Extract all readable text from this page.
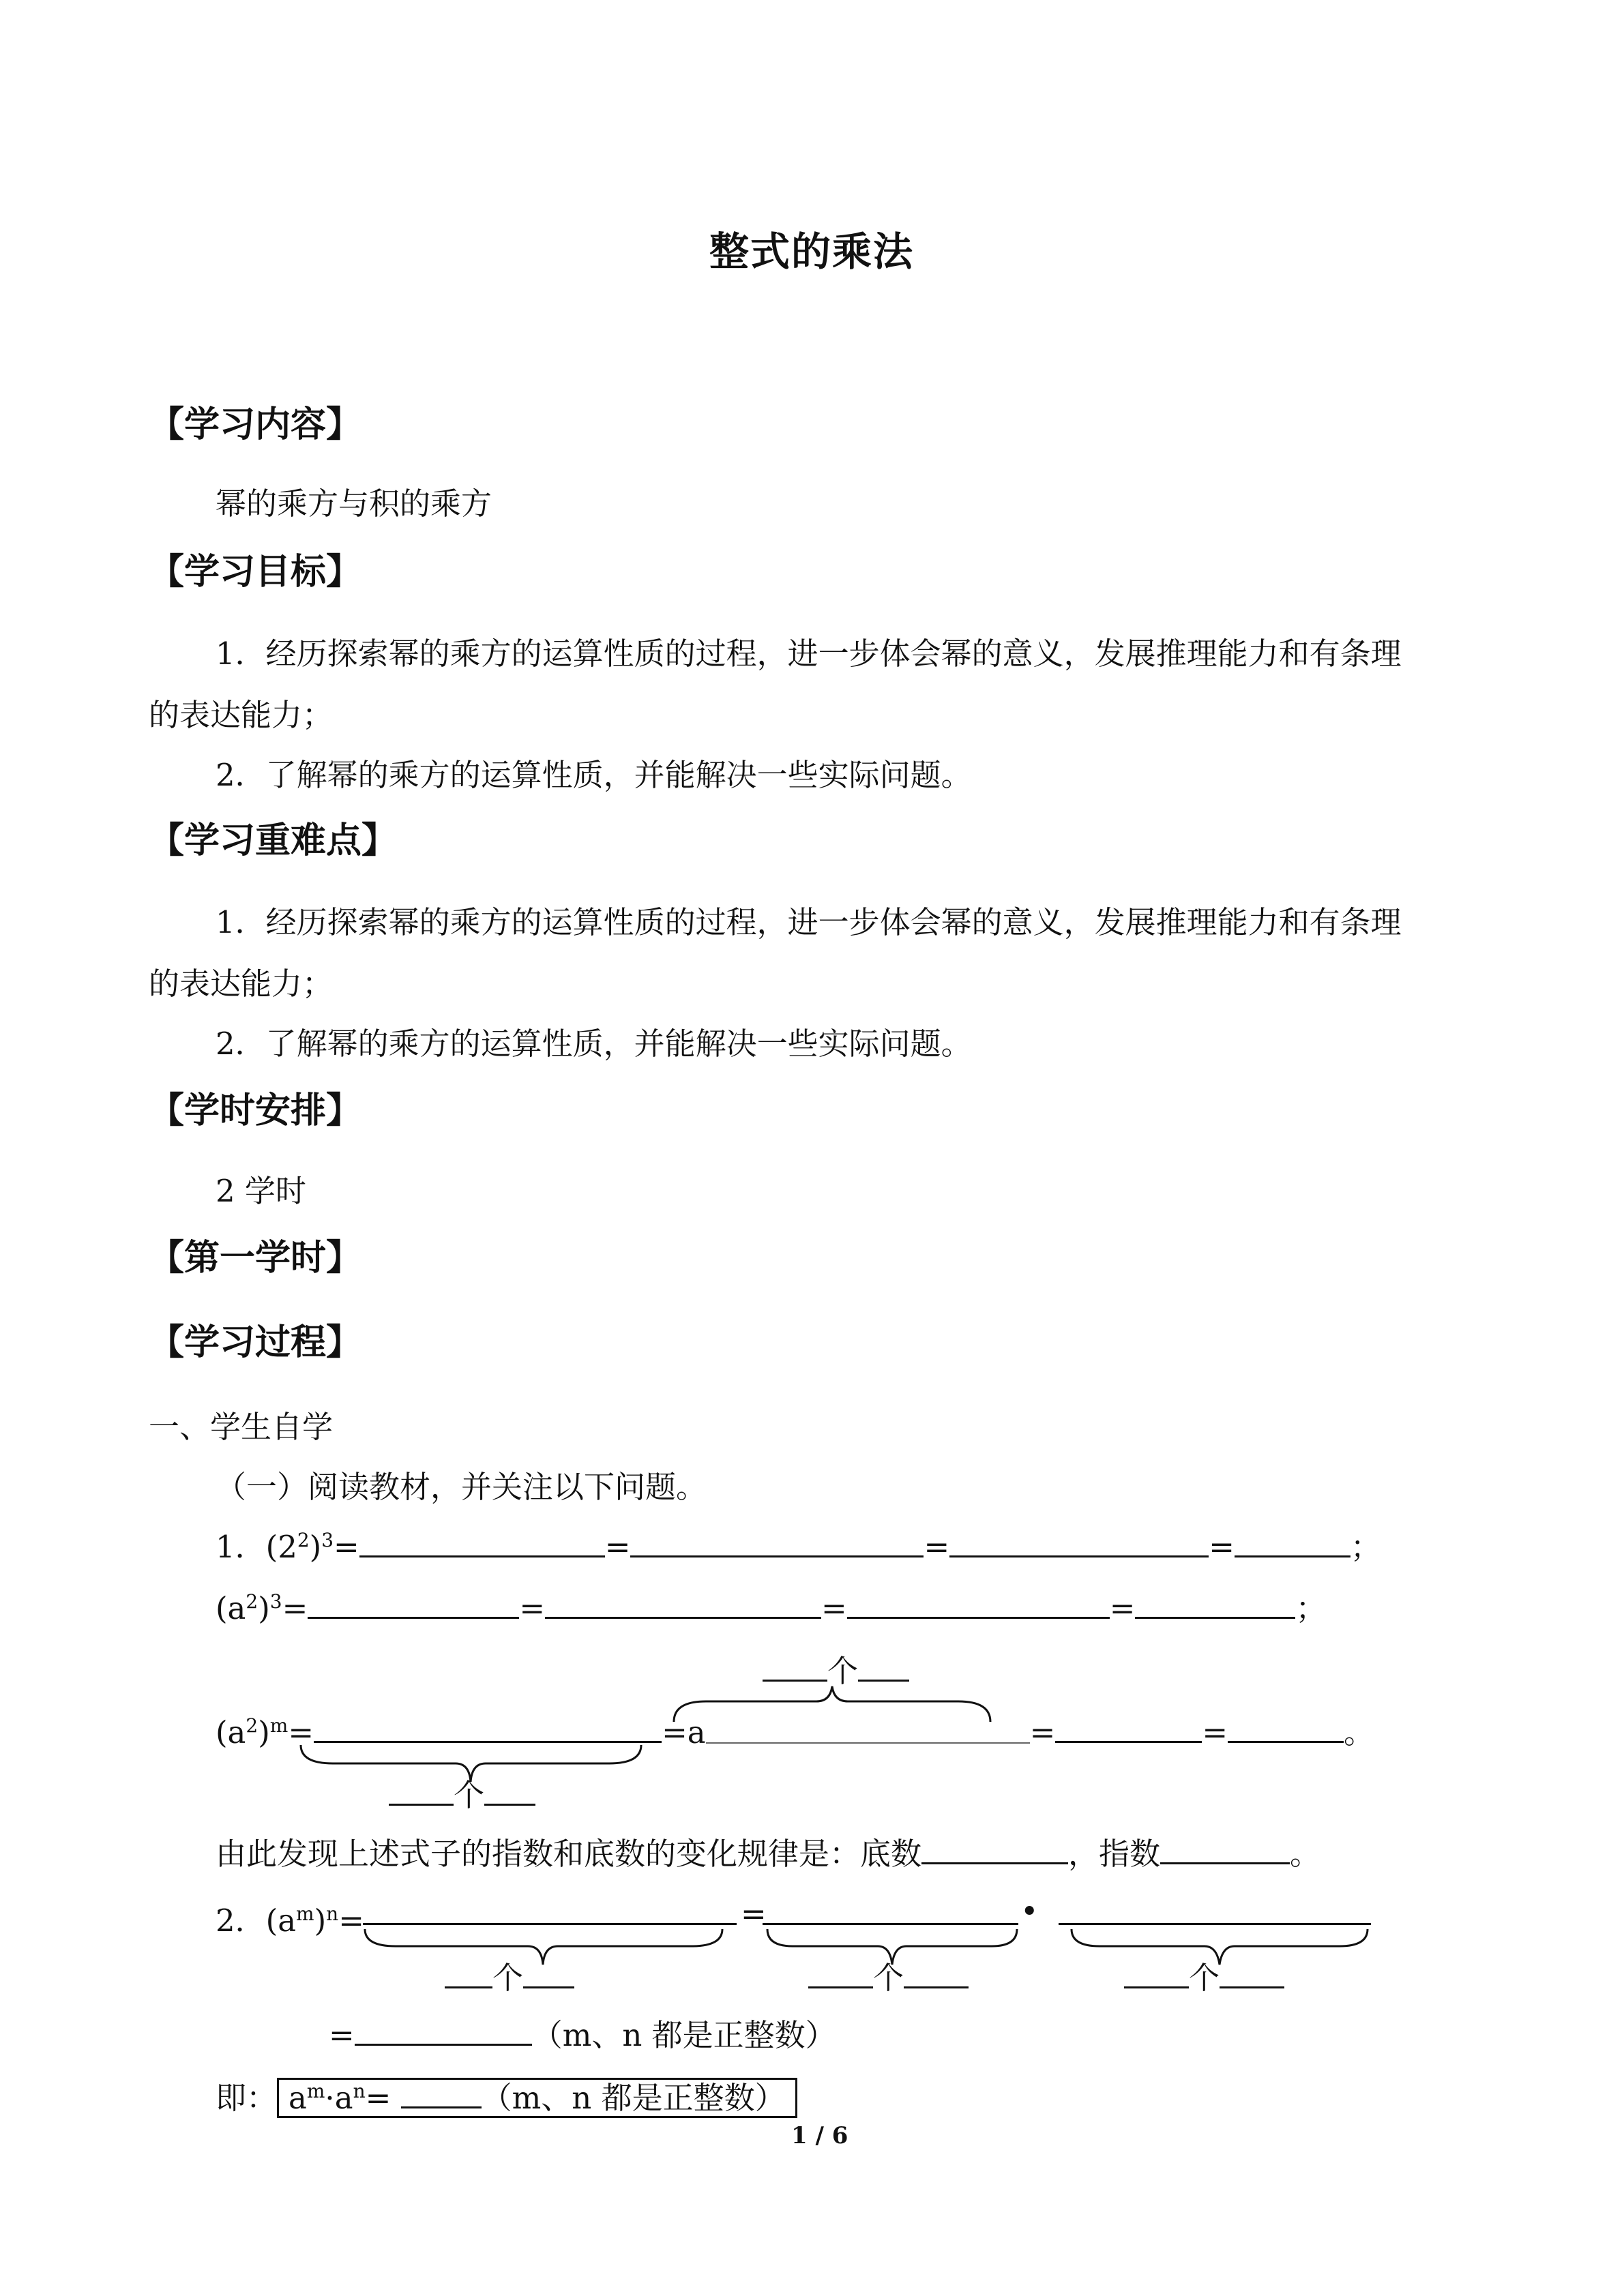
整式的乘法
【学习内容】
幂的乘方与积的乘方
【学习目标】
1．经历探索幂的乘方的运算性质的过程，进一步体会幂的意义，发展推理能力和有条理
的表达能力；
2．了解幂的乘方的运算性质，并能解决一些实际问题。
【学习重难点】
1．经历探索幂的乘方的运算性质的过程，进一步体会幂的意义，发展推理能力和有条理
的表达能力；
2．了解幂的乘方的运算性质，并能解决一些实际问题。
【学时安排】
2 学时
【第一学时】
【学习过程】
一、学生自学
（一）阅读教材，并关注以下问题。
1．$(2^2)^3=$	=	=	=	；
$(a^2)^3=$	=	=	=	；
个
$(a^2)^m=$	=a	=	=	。
个
由此发现上述式子的指数和底数的变化规律是：底数	，指数	。
2．$(a^m)^n=$	=	•
个	个	个
=	（m、n 都是正整数）
即： $a^m\cdot a^n=$	（m、n 都是正整数）
1 / 6
